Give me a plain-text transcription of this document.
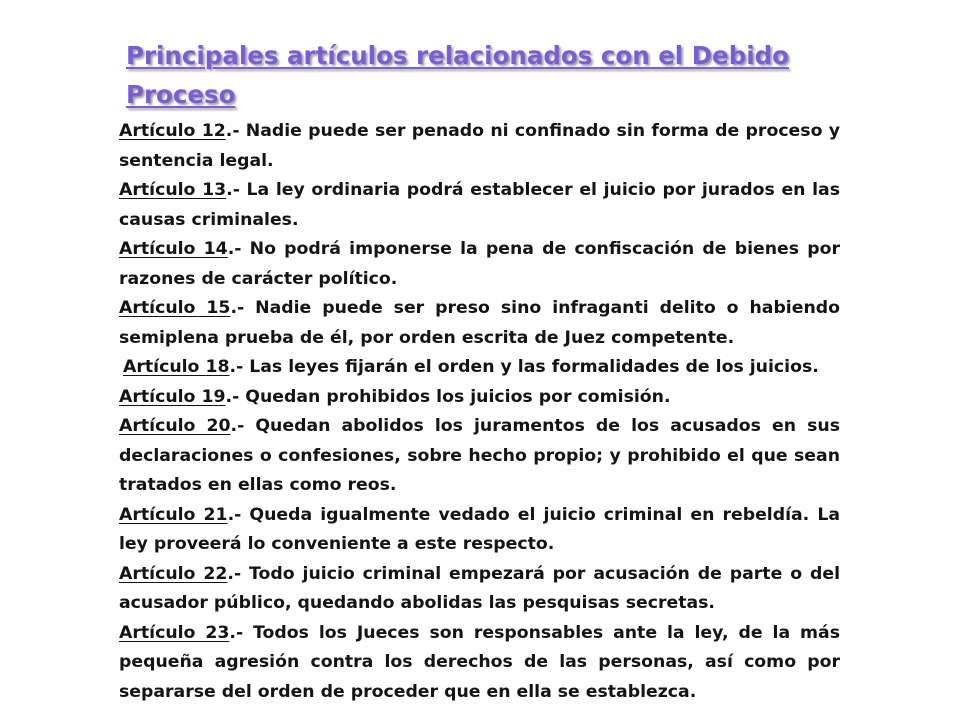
Principales artículos relacionados con el Debido Proceso

Artículo 12.- Nadie puede ser penado ni confinado sin forma de proceso y sentencia legal.

Artículo 13.- La ley ordinaria podrá establecer el juicio por jurados en las causas criminales.

Artículo 14.- No podrá imponerse la pena de confiscación de bienes por razones de carácter político.

Artículo 15.- Nadie puede ser preso sino infraganti delito o habiendo semiplena prueba de él, por orden escrita de Juez competente.

Artículo 18.- Las leyes fijarán el orden y las formalidades de los juicios.

Artículo 19.- Quedan prohibidos los juicios por comisión.

Artículo 20.- Quedan abolidos los juramentos de los acusados en sus declaraciones o confesiones, sobre hecho propio; y prohibido el que sean tratados en ellas como reos.

Artículo 21.- Queda igualmente vedado el juicio criminal en rebeldía. La ley proveerá lo conveniente a este respecto.

Artículo 22.- Todo juicio criminal empezará por acusación de parte o del acusador público, quedando abolidas las pesquisas secretas.

Artículo 23.- Todos los Jueces son responsables ante la ley, de la más pequeña agresión contra los derechos de las personas, así como por separarse del orden de proceder que en ella se establezca.
